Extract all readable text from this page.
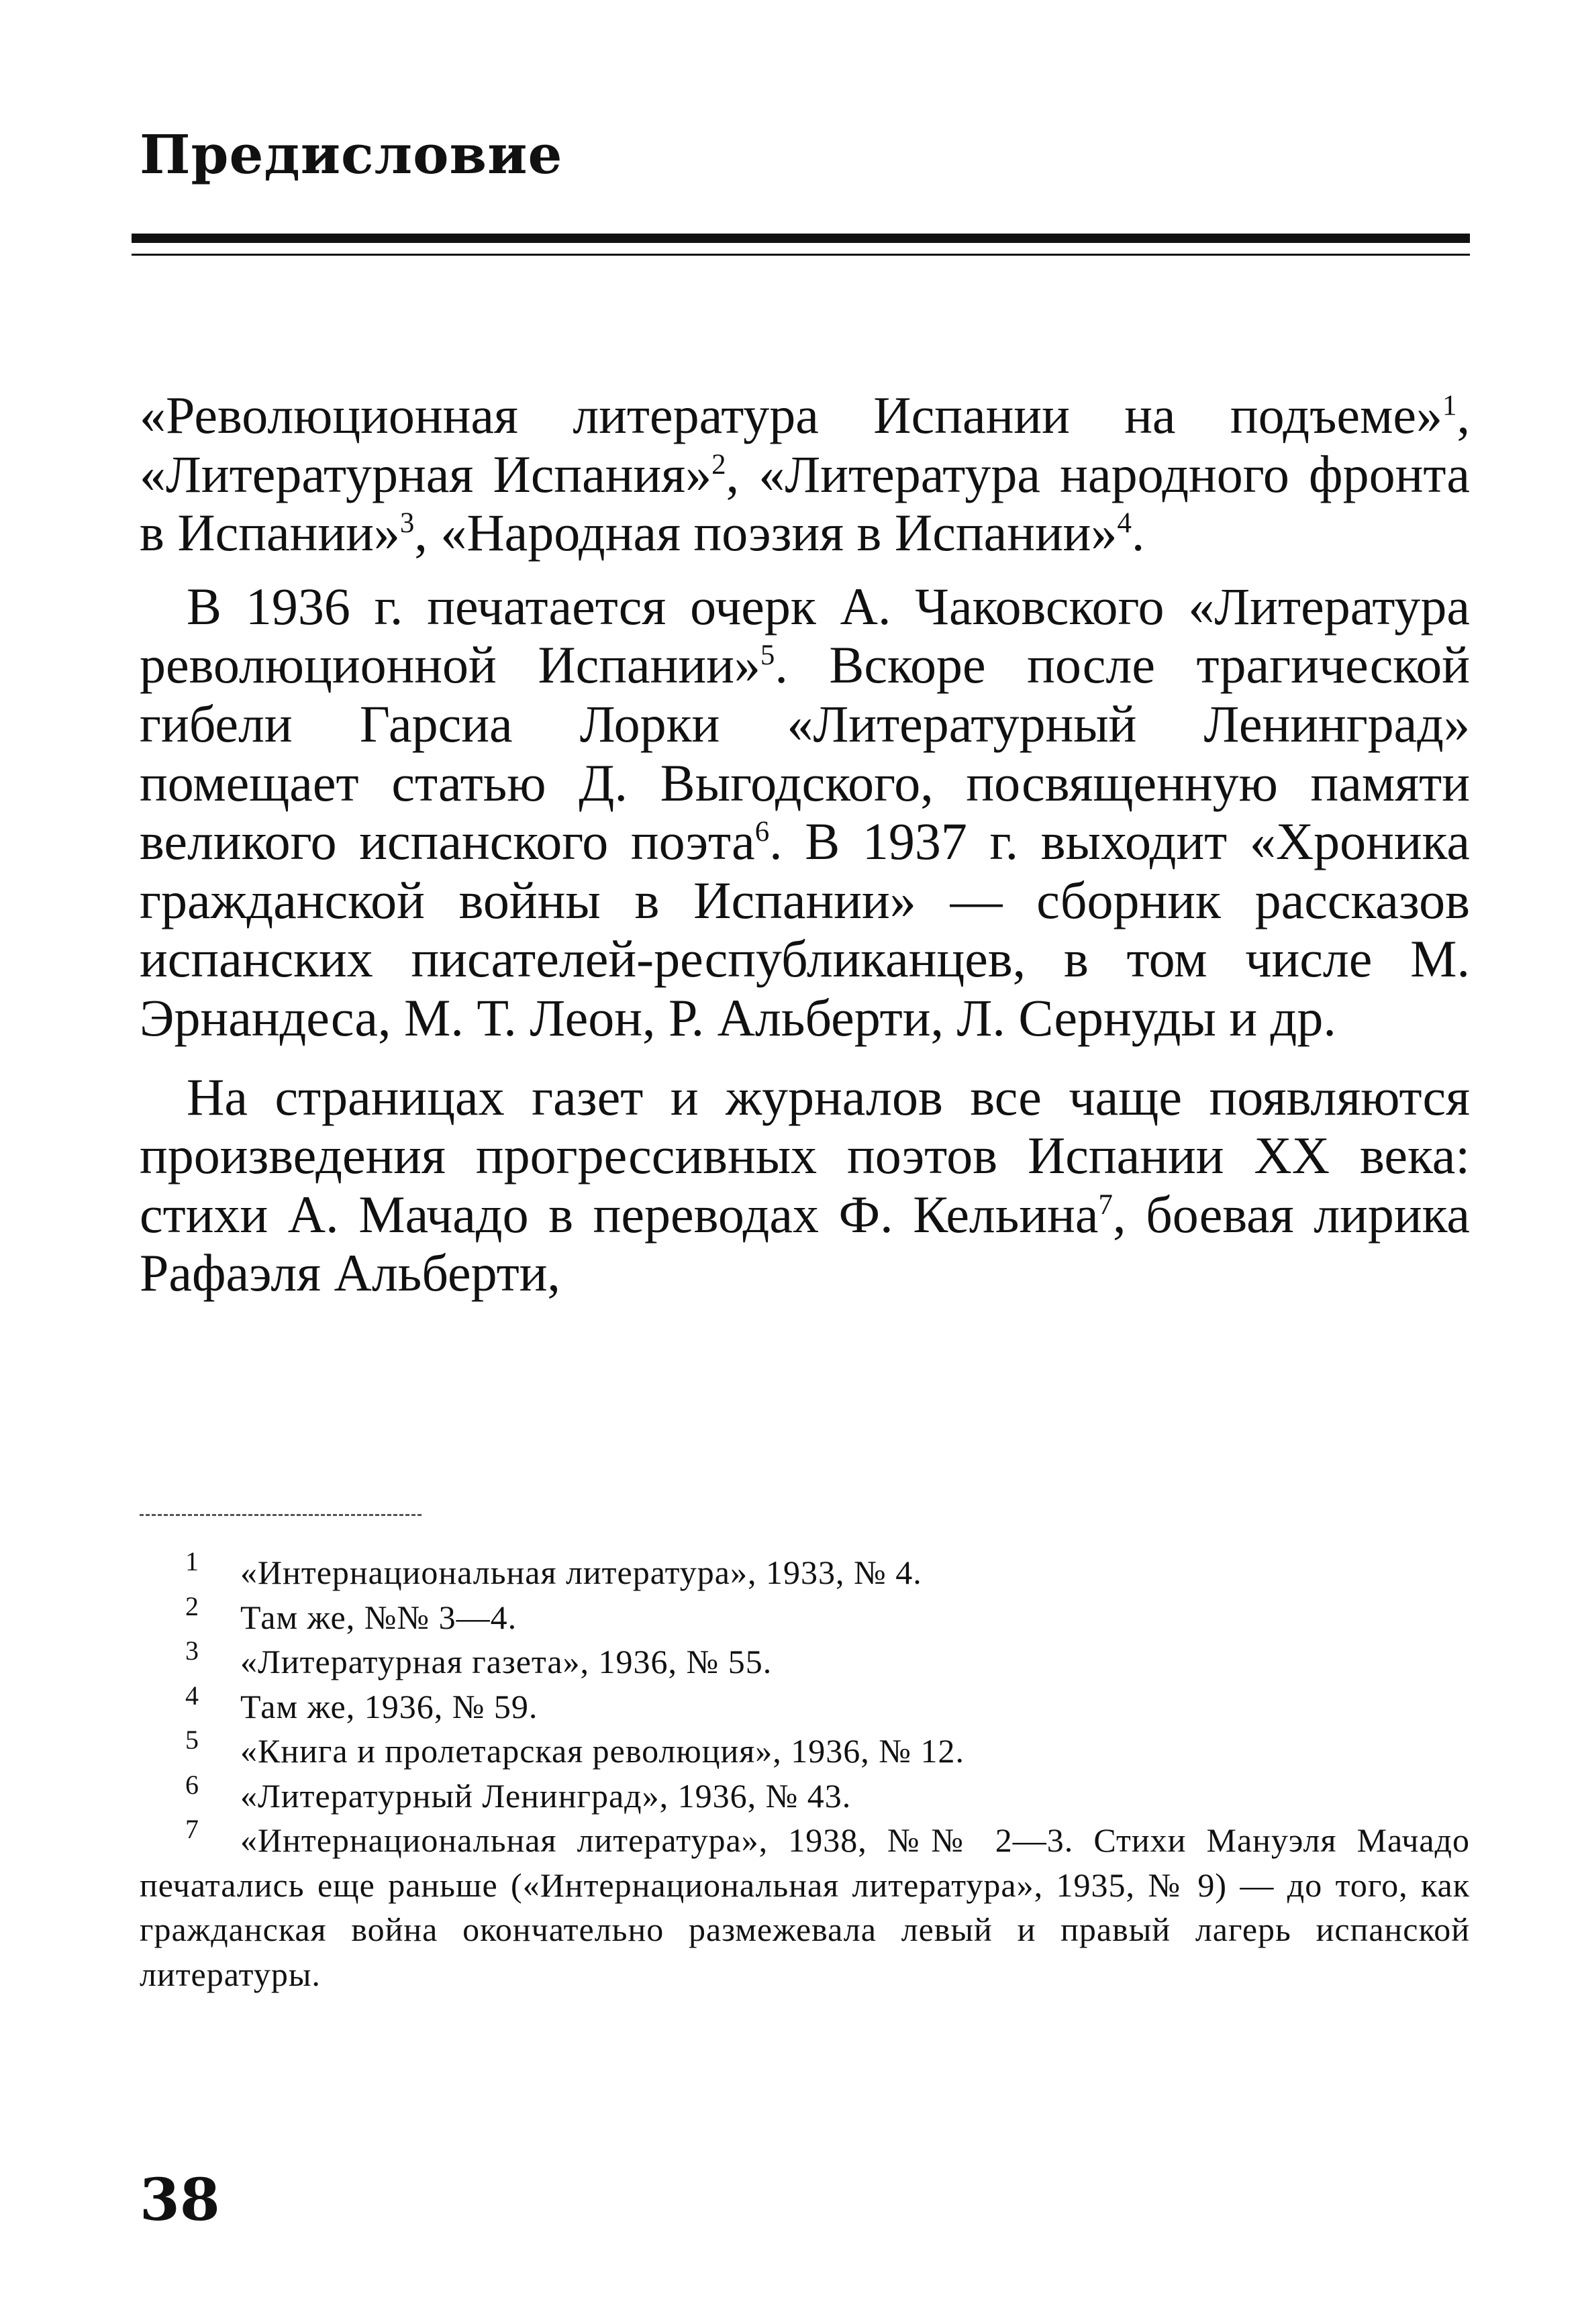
Предисловие

«Революционная литература Испании на подъеме»$^1$, «Литературная Испания»$^2$, «Литература народного фронта в Испании»$^3$, «Народная поэзия в Испании»$^4$.

В 1936 г. печатается очерк А. Чаковского «Литература революционной Испании»$^5$. Вскоре после трагической гибели Гарсиа Лорки «Литературный Ленинград» помещает статью Д. Выгодского, посвященную памяти великого испанского поэта$^6$. В 1937 г. выходит «Хроника гражданской войны в Испании» — сборник рассказов испанских писателей-республиканцев, в том числе М. Эрнандеса, М. Т. Леон, Р. Альберти, Л. Сернуды и др.

На страницах газет и журналов все чаще появляются произведения прогрессивных поэтов Испании XX века: стихи А. Мачадо в переводах Ф. Кельина$^7$, боевая лирика Рафаэля Альберти,

1 «Интернациональная литература», 1933, № 4.

2 Там же, №№ 3—4.

3 «Литературная газета», 1936, № 55.

4 Там же, 1936, № 59.

5 «Книга и пролетарская революция», 1936, № 12.

6 «Литературный Ленинград», 1936, № 43.

7 «Интернациональная литература», 1938, №№ 2—3. Стихи Мануэля Мачадо печатались еще раньше («Интернациональная литература», 1935, № 9) — до того, как гражданская война окончательно размежевала левый и правый лагерь испанской литературы.

38
